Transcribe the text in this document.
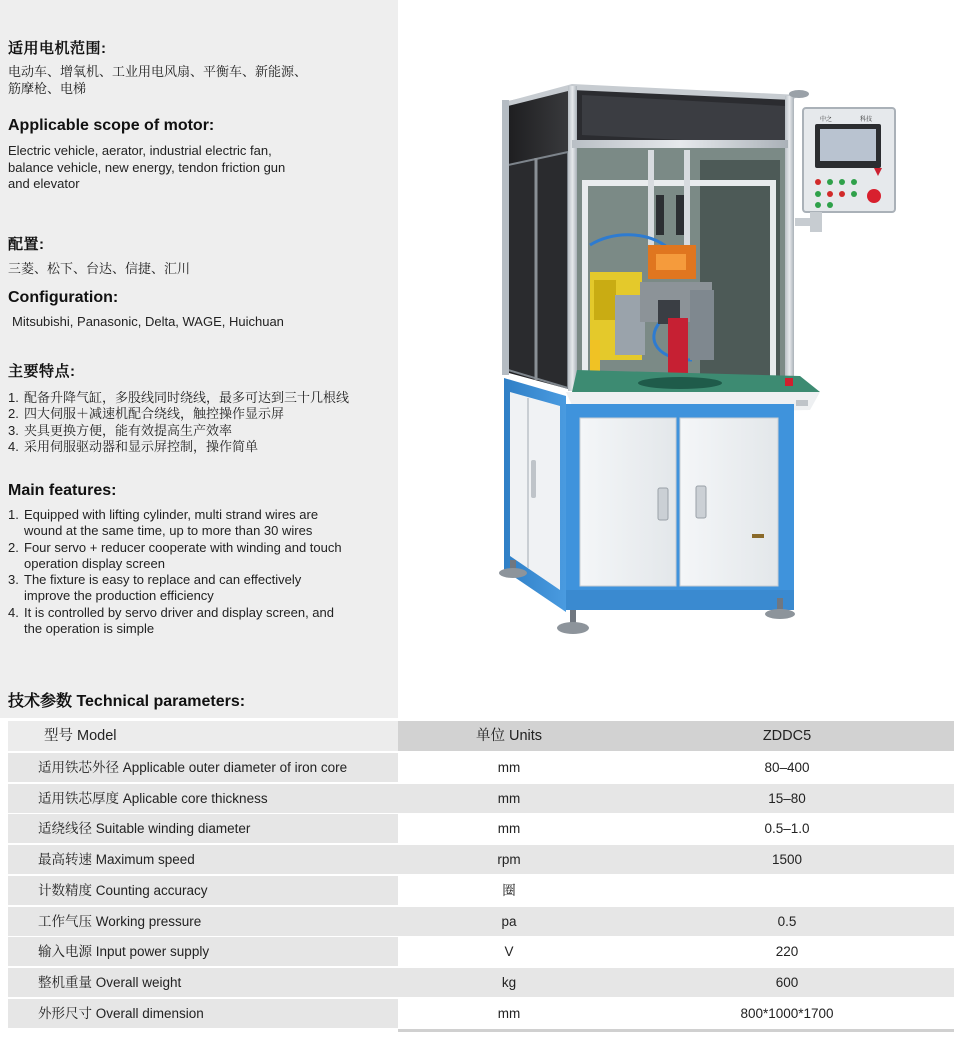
适用电机范围:
电动车、增氧机、工业用电风扇、平衡车、新能源、
筋摩枪、电梯
Applicable scope of motor:
Electric vehicle, aerator, industrial electric fan,
balance vehicle, new energy, tendon friction gun
and elevator
配置:
三菱、松下、台达、信捷、汇川
Configuration:
Mitsubishi, Panasonic, Delta, WAGE, Huichuan
主要特点:
1. 配备升降气缸，多股线同时绕线，最多可达到三十几根线
2. 四大伺服＋减速机配合绕线，触控操作显示屏
3. 夹具更换方便，能有效提高生产效率
4. 采用伺服驱动器和显示屏控制，操作简单
Main features:
1. Equipped with lifting cylinder, multi strand wires are
wound at the same time, up to more than 30 wires
2. Four servo + reducer cooperate with winding and touch
operation display screen
3. The fixture is easy to replace and can effectively
improve the production efficiency
4. It is controlled by servo driver and display screen, and
the operation is simple
中之	科技
技术参数 Technical parameters:
型号 Model	单位 Units	ZDDC5
适用铁芯外径 Applicable outer diameter of iron core	mm	80–400
适用铁芯厚度 Aplicable core thickness	mm	15–80
适绕线径 Suitable winding diameter	mm	0.5–1.0
最高转速 Maximum speed	rpm	1500
计数精度 Counting accuracy	圈
工作气压 Working pressure	pa	0.5
输入电源 Input power supply	V	220
整机重量 Overall weight	kg	600
外形尺寸 Overall dimension	mm	800*1000*1700
